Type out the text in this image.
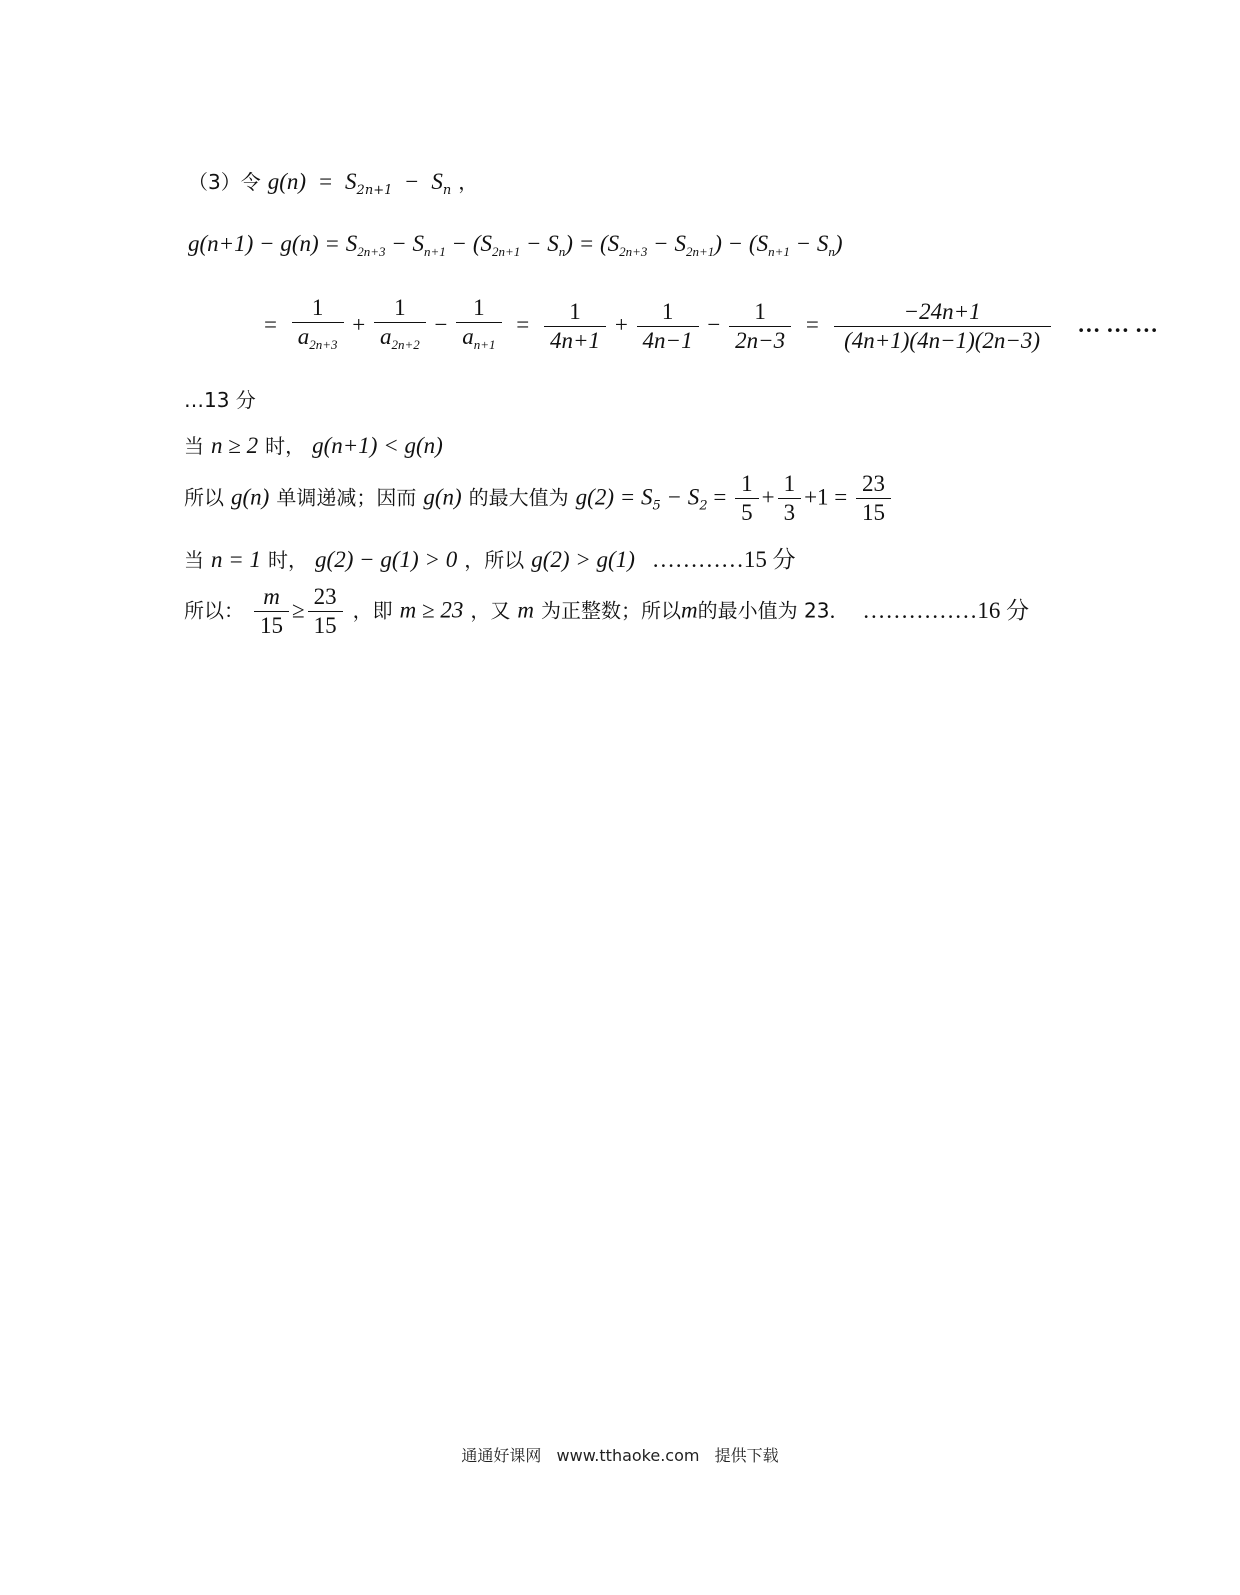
（3）令 $g(n) = S_{2n+1} - S_n$ ，
$g(n+1) - g(n) = S_{2n+3} - S_{n+1} - (S_{2n+1} - S_n) = (S_{2n+3} - S_{2n+1}) - (S_{n+1} - S_n)$
= $\frac{1}{a_{2n+3}} + \frac{1}{a_{2n+2}} - \frac{1}{a_{n+1}} = \frac{1}{4n+1} + \frac{1}{4n-1} - \frac{1}{2n-3} = \frac{-24n+1}{(4n+1)(4n-1)(2n-3)}$ … … …
…13 分
当 n ≥ 2 时， g(n+1) < g(n)
所以 g(n) 单调递减；因而 g(n) 的最大值为 $g(2) = S_5 - S_2 = \frac{1}{5} + \frac{1}{3} +1 = \frac{23}{15}$
当 n = 1 时， g(2) − g(1) > 0 ，所以 g(2) > g(1) …………15 分
所以： $\frac{m}{15} \ge \frac{23}{15}$ ，即 m ≥ 23 ，又 m 为正整数；所以m的最小值为 23． ……………16 分
通通好课网 www.tthaoke.com 提供下载
